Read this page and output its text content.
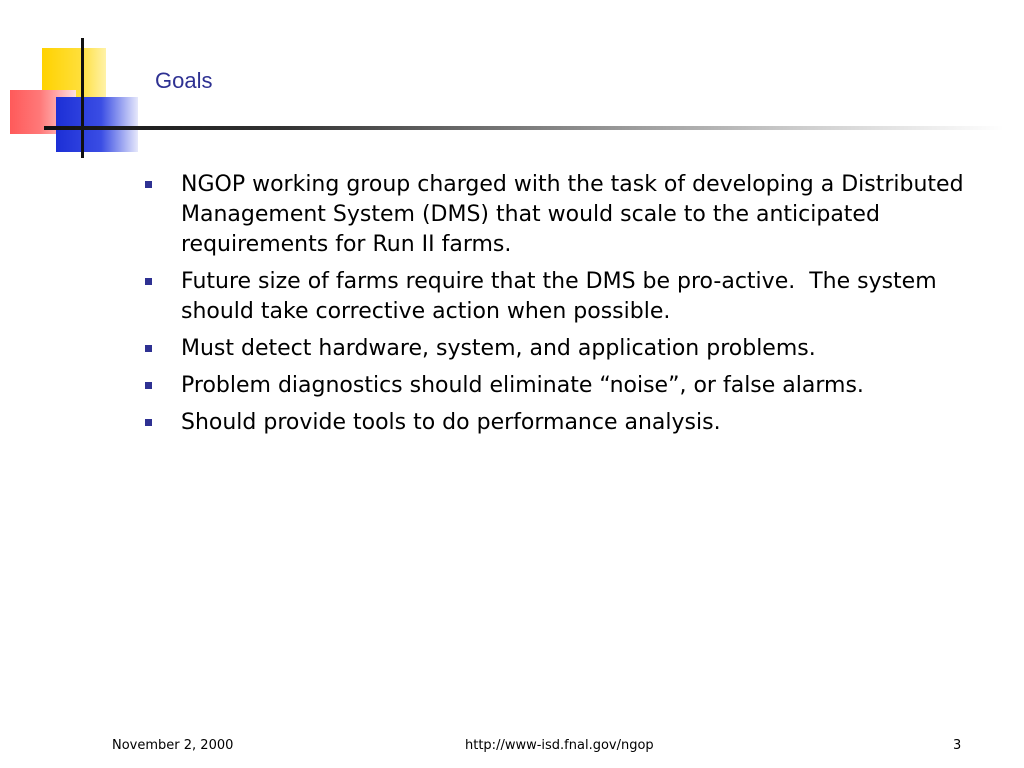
Goals
NGOP working group charged with the task of developing a Distributed Management System (DMS) that would scale to the anticipated requirements for Run II farms.
Future size of farms require that the DMS be pro-active.  The system should take corrective action when possible.
Must detect hardware, system, and application problems.
Problem diagnostics should eliminate “noise”, or false alarms.
Should provide tools to do performance analysis.
November 2, 2000	http://www-isd.fnal.gov/ngop	3
